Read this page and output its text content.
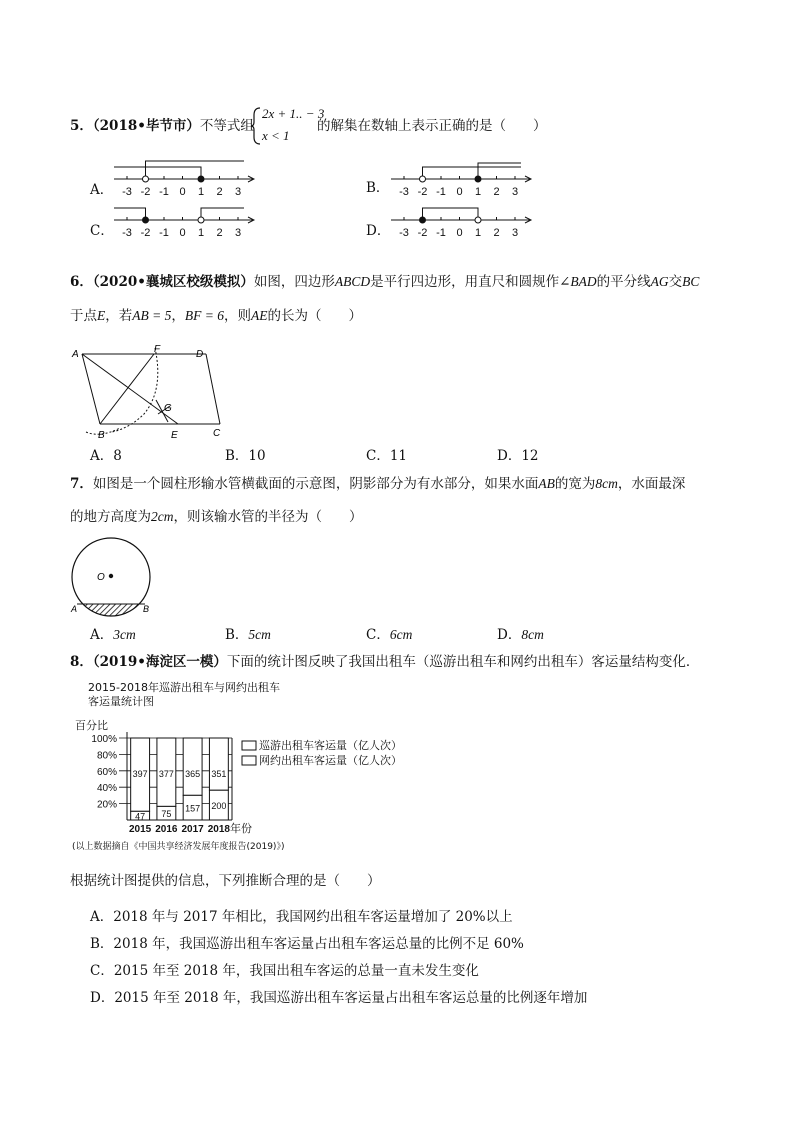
5．（2018•毕节市）不等式组
2x + 1.. − 3
x < 1
的解集在数轴上表示正确的是（　　）
A． -3 -2 -1 0 1 2 3	B． -3 -2 -1 0 1 2 3
C． -3 -2 -1 0 1 2 3	D． -3 -2 -1 0 1 2 3
6．（2020•襄城区校级模拟）如图，四边形ABCD是平行四边形，用直尺和圆规作∠BAD的平分线AG交BC
于点E，若AB = 5，BF = 6，则AE的长为（　　）
A	F	D
G
B	E	C
A．8	B．10	C．11	D．12
7．如图是一个圆柱形输水管横截面的示意图，阴影部分为有水部分，如果水面AB的宽为8cm，水面最深
的地方高度为2cm，则该输水管的半径为（　　）
O
A	B
A．3cm	B．5cm	C．6cm	D．8cm
8．（2019•海淀区一模）下面的统计图反映了我国出租车（巡游出租车和网约出租车）客运量结构变化．
2015-2018年巡游出租车与网约出租车
客运量统计图
百分比
20%
40%
60%
80%
100%
397
47
2015
377
75
2016
365
157
2017
351
200
2018 年份
巡游出租车客运量（亿人次）
网约出租车客运量（亿人次）
(以上数据摘自《中国共享经济发展年度报告(2019)》)
根据统计图提供的信息，下列推断合理的是（　　）
A．2018 年与 2017 年相比，我国网约出租车客运量增加了 20%以上
B．2018 年，我国巡游出租车客运量占出租车客运总量的比例不足 60%
C．2015 年至 2018 年，我国出租车客运的总量一直未发生变化
D．2015 年至 2018 年，我国巡游出租车客运量占出租车客运总量的比例逐年增加
